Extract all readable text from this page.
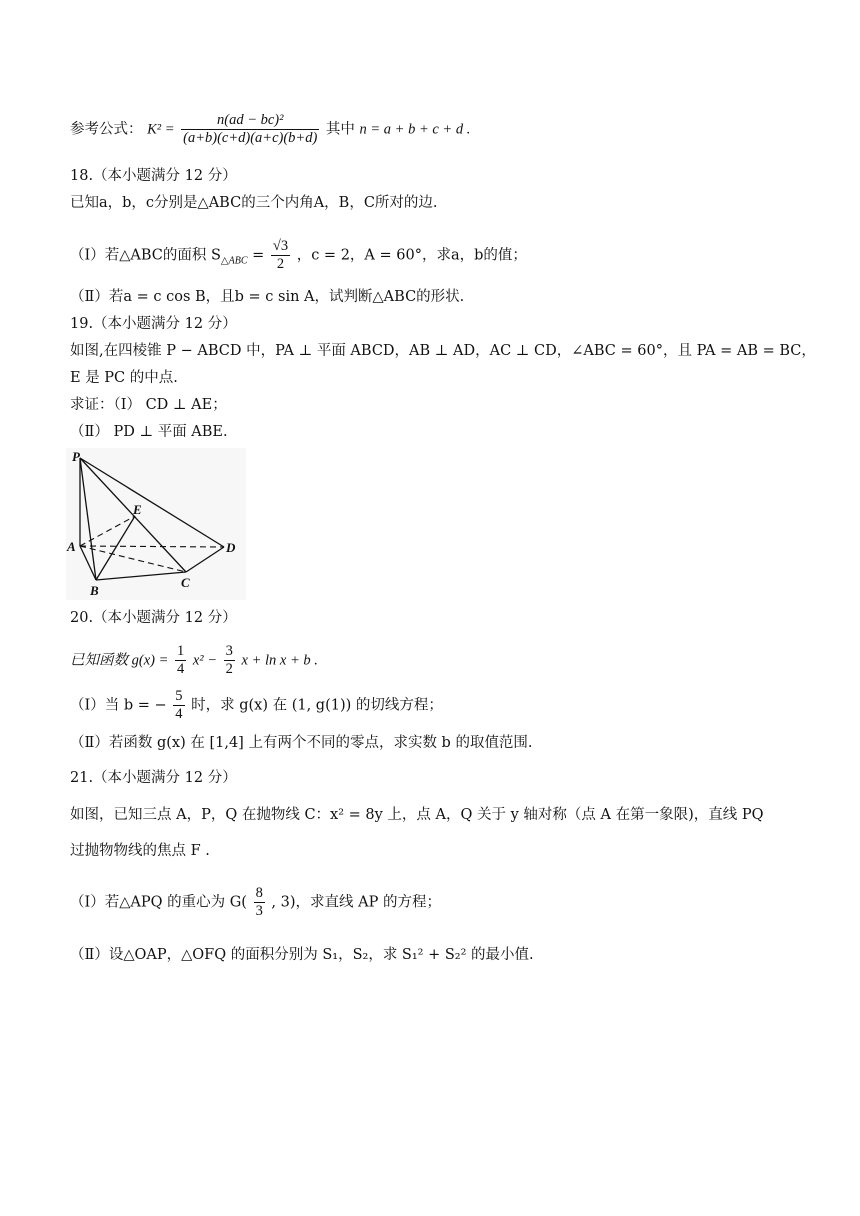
参考公式： $K^2 = \frac{\text{n(ad − bc)²}}{(a+b)(c+d)(a+c)(b+d)}$ 其中 n = a + b + c + d .
18.（本小题满分 12 分）
已知a，b，c分别是△ABC的三个内角A，B，C所对的边.
（Ⅰ）若△ABC的面积 $S_{\triangle ABC} = \frac{√3}{2}$ ，c = 2，A = 60°，求a，b的值；
（Ⅱ）若a = c cos B，且b = c sin A，试判断△ABC的形状.
19.（本小题满分 12 分）
如图,在四棱锥 P − ABCD 中，PA ⊥ 平面 ABCD，AB ⊥ AD，AC ⊥ CD，∠ABC = 60°，且 PA = AB = BC，
E 是 PC 的中点.
求证：（Ⅰ） CD ⊥ AE；
（Ⅱ） PD ⊥ 平面 ABE.
P
E
A	D
B
C
20.（本小题满分 12 分）
已知函数 $g(x) = \frac{1}{4} x^2 - \frac{3}{2}$ x + ln x + b .
（Ⅰ）当 b = − $\frac{5}{4}$ 时，求 g(x) 在 (1, g(1)) 的切线方程；
（Ⅱ）若函数 g(x) 在 [1,4] 上有两个不同的零点，求实数 b 的取值范围.
21.（本小题满分 12 分）
如图，已知三点 A，P，Q 在抛物线 C：x² = 8y 上，点 A，Q 关于 y 轴对称（点 A 在第一象限)，直线 PQ
过抛物物线的焦点 F .
（Ⅰ）若△APQ 的重心为 $G( \frac{8}{3}$ , 3)，求直线 AP 的方程；
（Ⅱ）设△OAP，△OFQ 的面积分别为 S₁，S₂，求 S₁² + S₂² 的最小值.
